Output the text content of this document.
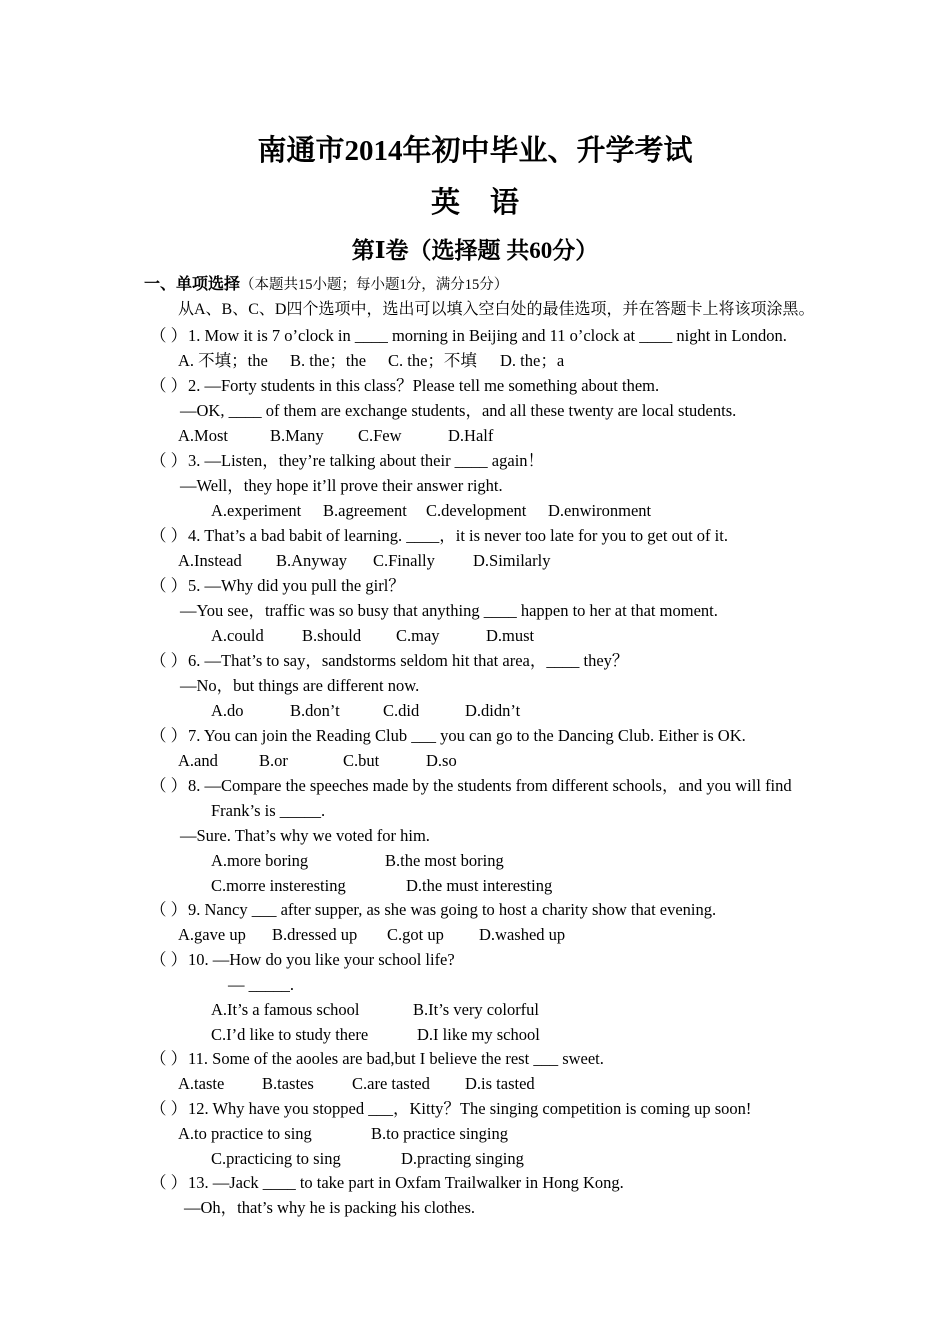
南通市2014年初中毕业、升学考试
英语
第Ⅰ卷（选择题 共60分）
一、单项选择（本题共15小题；每小题1分，满分15分）
从A、B、C、D四个选项中，选出可以填入空白处的最佳选项，并在答题卡上将该项涂黑。
（ ）1. Mow it is 7 o’clock in ____ morning in Beijing and 11 o’clock at ____ night in London.
A. 不填；the B. the；the C. the；不填 D. the；a
（ ）2. —Forty students in this class？Please tell me something about them.
—OK, ____ of them are exchange students，and all these twenty are local students.
A.Most	B.Many C.Few	D.Half
（ ）3. —Listen，they’re talking about their ____ again！
—Well，they hope it’ll prove their answer right.
A.experiment B.agreement C.development D.enwironment
（ ）4. That’s a bad babit of learning. ____，it is never too late for you to get out of it.
A.Instead B.Anyway C.Finally D.Similarly
（ ）5. —Why did you pull the girl？
—You see，traffic was so busy that anything ____ happen to her at that moment.
A.could B.should C.may	D.must
（ ）6. —That’s to say，sandstorms seldom hit that area，____ they？
—No，but things are different now.
A.do	B.don’t	C.did	D.didn’t
（ ）7. You can join the Reading Club ___ you can go to the Dancing Club. Either is OK.
A.and B.or	C.but	D.so
（ ）8. —Compare the speeches made by the students from different schools，and you will find
Frank’s is _____.
—Sure. That’s why we voted for him.
A.more boring	B.the most boring
C.morre insteresting	D.the must interesting
（ ）9. Nancy ___ after supper, as she was going to host a charity show that evening.
A.gave up B.dressed up C.got up D.washed up
（ ）10. —How do you like your school life?
— _____.
A.It’s a famous school	B.It’s very colorful
C.I’d like to study there	D.I like my school
（ ）11. Some of the aooles are bad,but I believe the rest ___ sweet.
A.taste B.tastes C.are tasted D.is tasted
（ ）12. Why have you stopped ___，Kitty？The singing competition is coming up soon!
A.to practice to sing	B.to practice singing
C.practicing to sing	D.practing singing
（ ）13. —Jack ____ to take part in Oxfam Trailwalker in Hong Kong.
—Oh，that’s why he is packing his clothes.
